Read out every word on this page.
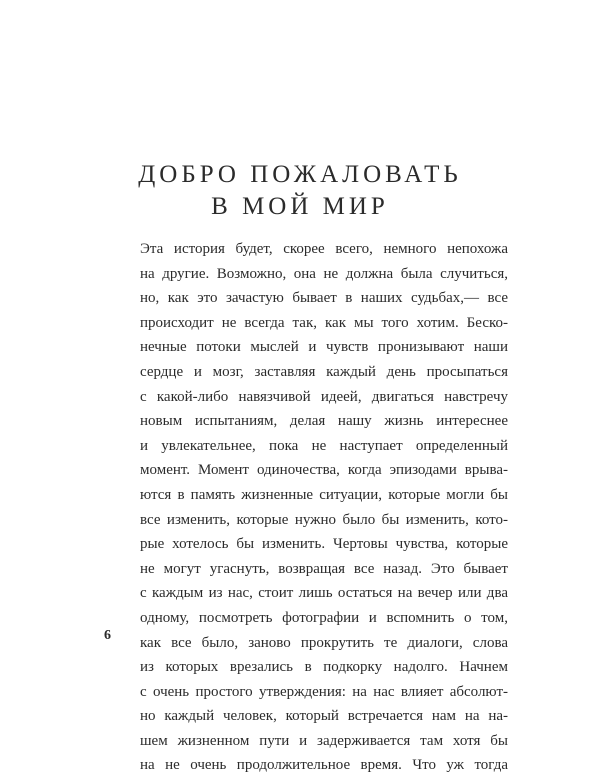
ДОБРО ПОЖАЛОВАТЬ
В МОЙ МИР
Эта история будет, скорее всего, немного непохожа
на другие. Возможно, она не должна была случиться,
но, как это зачастую бывает в наших судьбах,— все
происходит не всегда так, как мы того хотим. Беско-
нечные потоки мыслей и чувств пронизывают наши
сердце и мозг, заставляя каждый день просыпаться
с какой-либо навязчивой идеей, двигаться навстречу
новым испытаниям, делая нашу жизнь интереснее
и увлекательнее, пока не наступает определенный
момент. Момент одиночества, когда эпизодами врыва-
ются в память жизненные ситуации, которые могли бы
все изменить, которые нужно было бы изменить, кото-
рые хотелось бы изменить. Чертовы чувства, которые
не могут угаснуть, возвращая все назад. Это бывает
с каждым из нас, стоит лишь остаться на вечер или два
одному, посмотреть фотографии и вспомнить о том,
как все было, заново прокрутить те диалоги, слова
из которых врезались в подкорку надолго. Начнем
с очень простого утверждения: на нас влияет абсолют-
но каждый человек, который встречается нам на на-
шем жизненном пути и задерживается там хотя бы
на не очень продолжительное время. Что уж тогда
6
